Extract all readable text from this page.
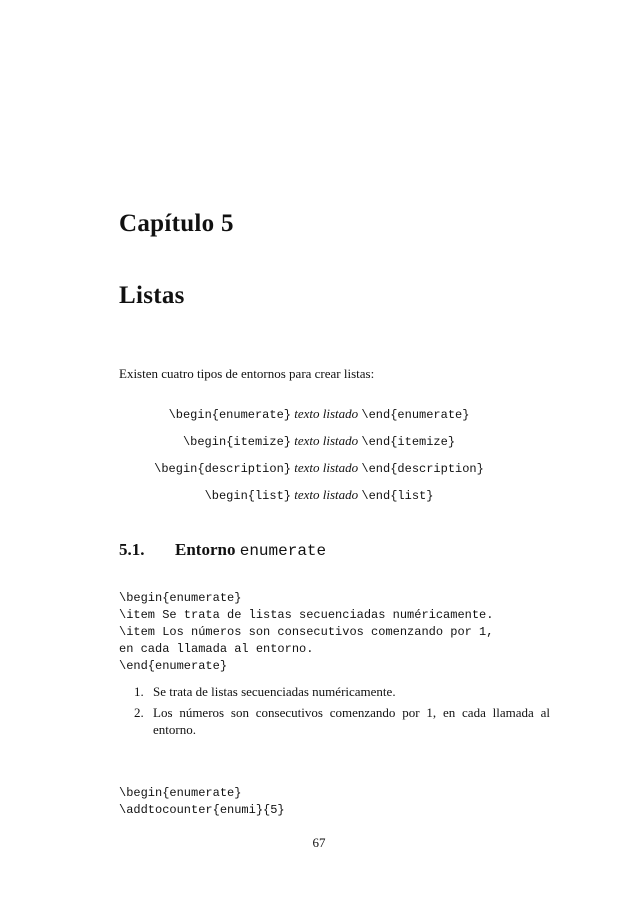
Capítulo 5
Listas
Existen cuatro tipos de entornos para crear listas:
\begin{enumerate} texto listado \end{enumerate}
\begin{itemize} texto listado \end{itemize}
\begin{description} texto listado \end{description}
\begin{list} texto listado \end{list}
5.1. Entorno enumerate
\begin{enumerate}
\item Se trata de listas secuenciadas numéricamente.
\item Los números son consecutivos comenzando por 1,
en cada llamada al entorno.
\end{enumerate}
1. Se trata de listas secuenciadas numéricamente.
2. Los números son consecutivos comenzando por 1, en cada llamada al entorno.
\begin{enumerate}
\addtocounter{enumi}{5}
67
